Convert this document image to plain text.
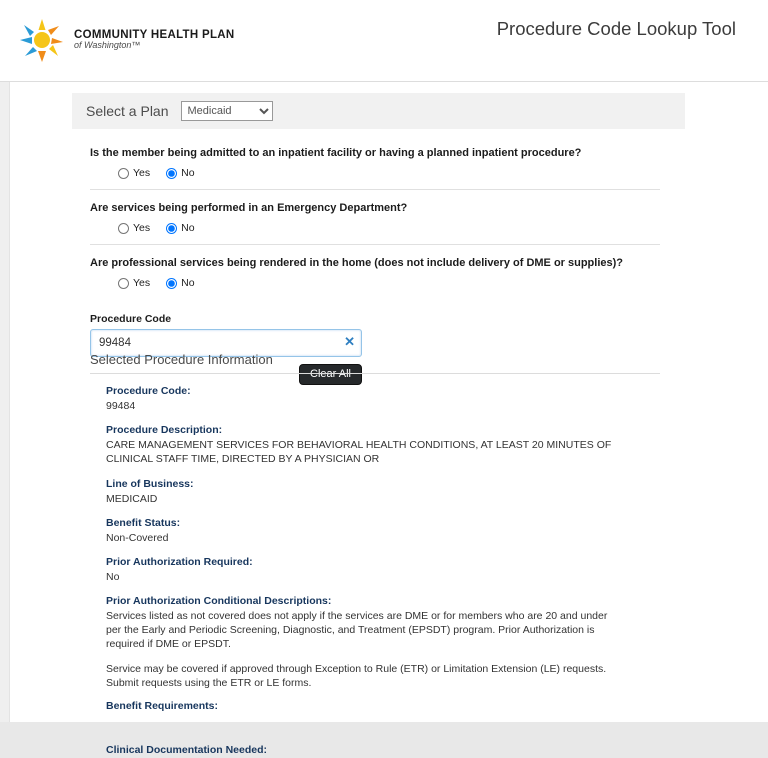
COMMUNITY HEALTH PLAN
of Washington™
Procedure Code Lookup Tool
Select a Plan
Medicaid
Is the member being admitted to an inpatient facility or having a planned inpatient procedure?
Yes	No
Are services being performed in an Emergency Department?
Yes	No
Are professional services being rendered in the home (does not include delivery of DME or supplies)?
Yes	No
Procedure Code
99484
✕
Clear All
Selected Procedure Information
Procedure Code:
99484
Procedure Description:
CARE MANAGEMENT SERVICES FOR BEHAVIORAL HEALTH CONDITIONS, AT LEAST 20 MINUTES OF CLINICAL STAFF TIME, DIRECTED BY A PHYSICIAN OR
Line of Business:
MEDICAID
Benefit Status:
Non-Covered
Prior Authorization Required:
No
Prior Authorization Conditional Descriptions:

Services listed as not covered does not apply if the services are DME or for members who are 20 and under per the Early and Periodic Screening, Diagnostic, and Treatment (EPSDT) program. Prior Authorization is required if DME or EPSDT.

Service may be covered if approved through Exception to Rule (ETR) or Limitation Extension (LE) requests. Submit requests using the ETR or LE forms.

Benefit Requirements:
Clinical Documentation Needed:
